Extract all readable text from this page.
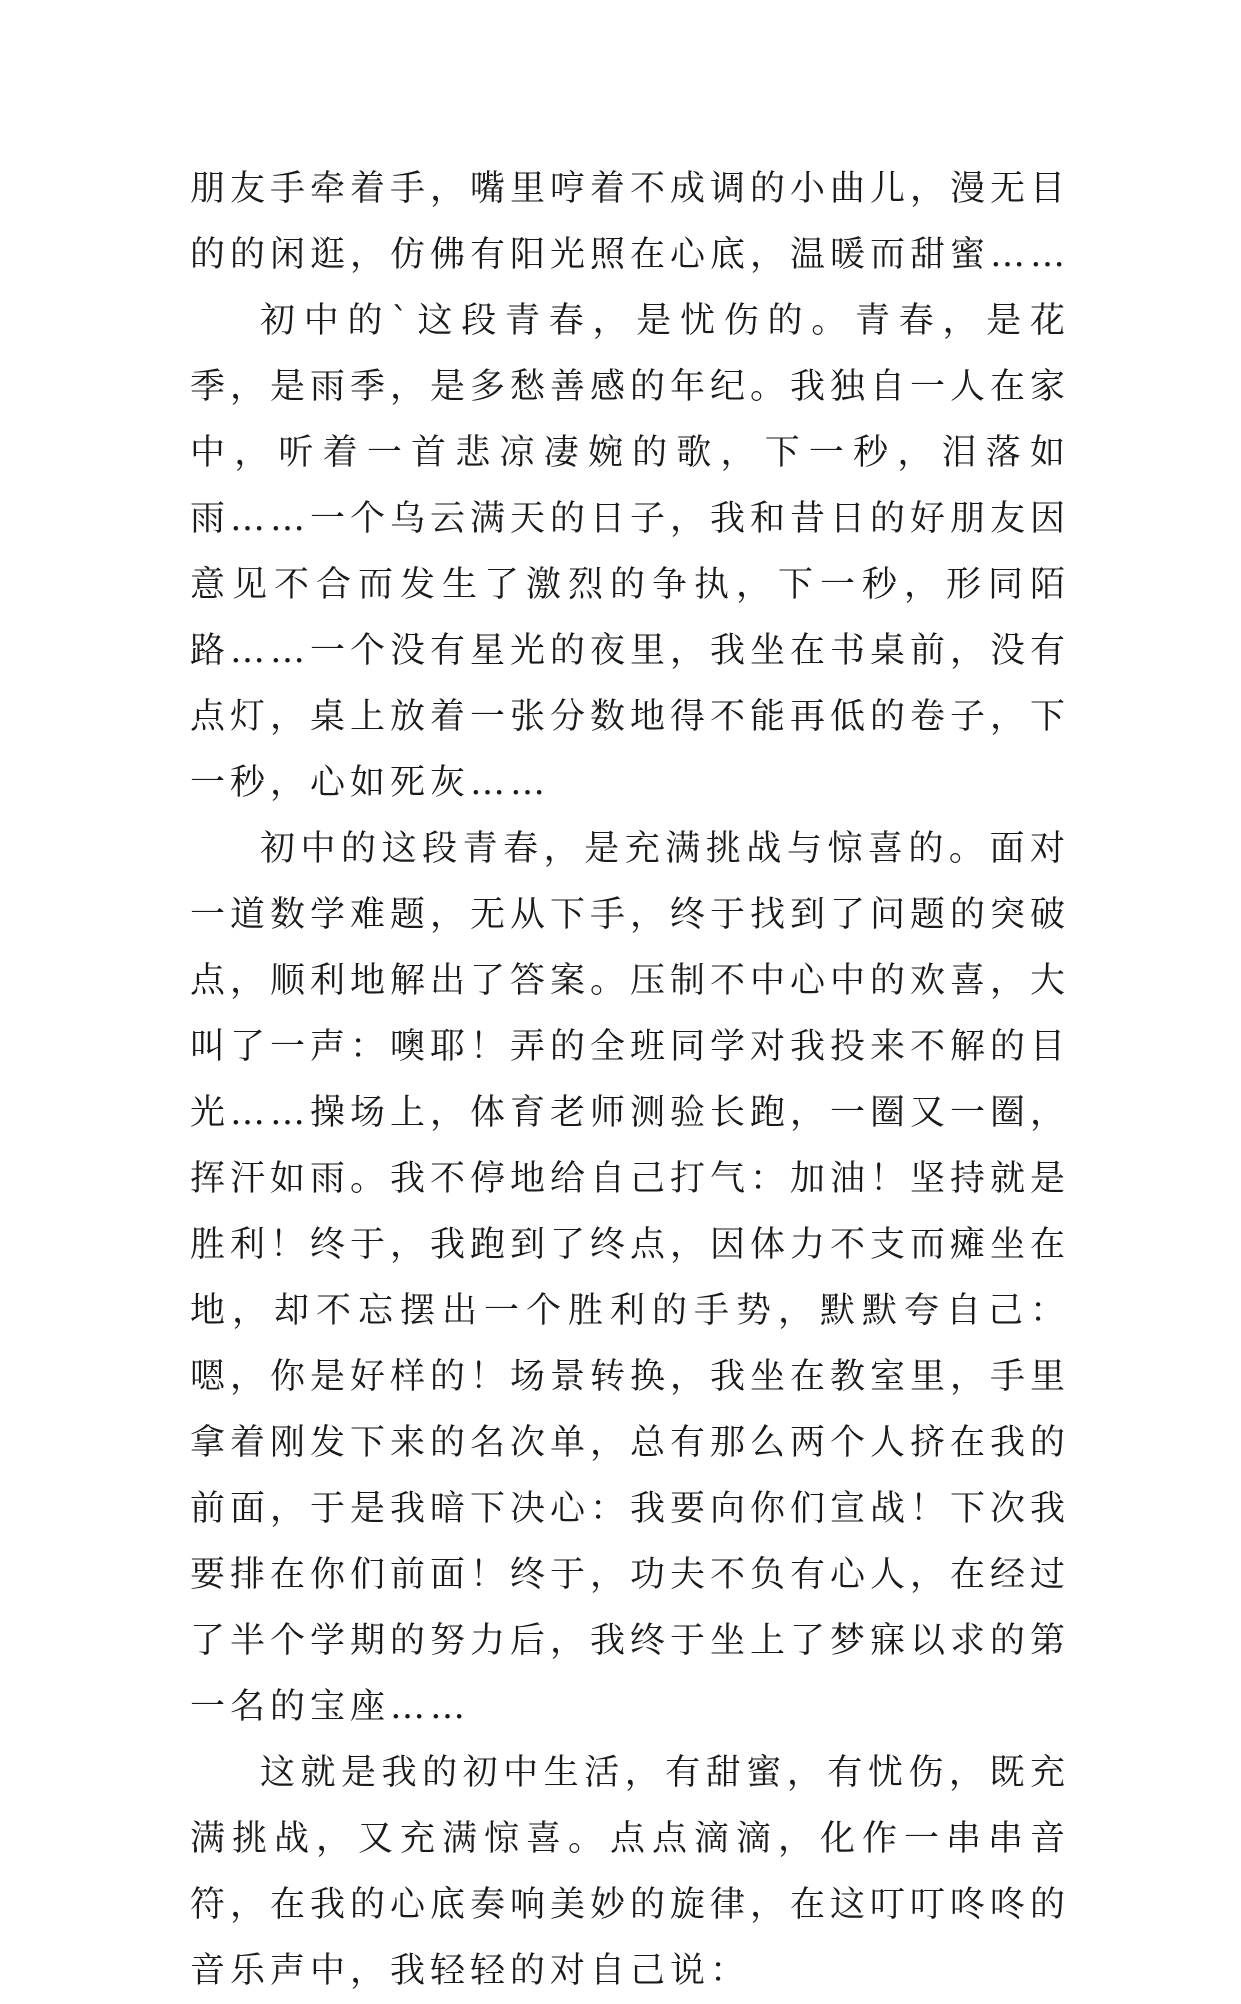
朋友手牵着手，嘴里哼着不成调的小曲儿，漫无目的的闲逛，仿佛有阳光照在心底，温暖而甜蜜……

初中的`这段青春，是忧伤的。青春，是花季，是雨季，是多愁善感的年纪。我独自一人在家中，听着一首悲凉凄婉的歌，下一秒，泪落如雨……一个乌云满天的日子，我和昔日的好朋友因意见不合而发生了激烈的争执，下一秒，形同陌路……一个没有星光的夜里，我坐在书桌前，没有点灯，桌上放着一张分数地得不能再低的卷子，下一秒，心如死灰……

初中的这段青春，是充满挑战与惊喜的。面对一道数学难题，无从下手，终于找到了问题的突破点，顺利地解出了答案。压制不中心中的欢喜，大叫了一声：噢耶！弄的全班同学对我投来不解的目光……操场上，体育老师测验长跑，一圈又一圈，挥汗如雨。我不停地给自己打气：加油！坚持就是胜利！终于，我跑到了终点，因体力不支而瘫坐在地，却不忘摆出一个胜利的手势，默默夸自己：嗯，你是好样的！场景转换，我坐在教室里，手里拿着刚发下来的名次单，总有那么两个人挤在我的前面，于是我暗下决心：我要向你们宣战！下次我要排在你们前面！终于，功夫不负有心人，在经过了半个学期的努力后，我终于坐上了梦寐以求的第一名的宝座……

这就是我的初中生活，有甜蜜，有忧伤，既充满挑战，又充满惊喜。点点滴滴，化作一串串音符，在我的心底奏响美妙的旋律，在这叮叮咚咚的音乐声中，我轻轻的对自己说：
